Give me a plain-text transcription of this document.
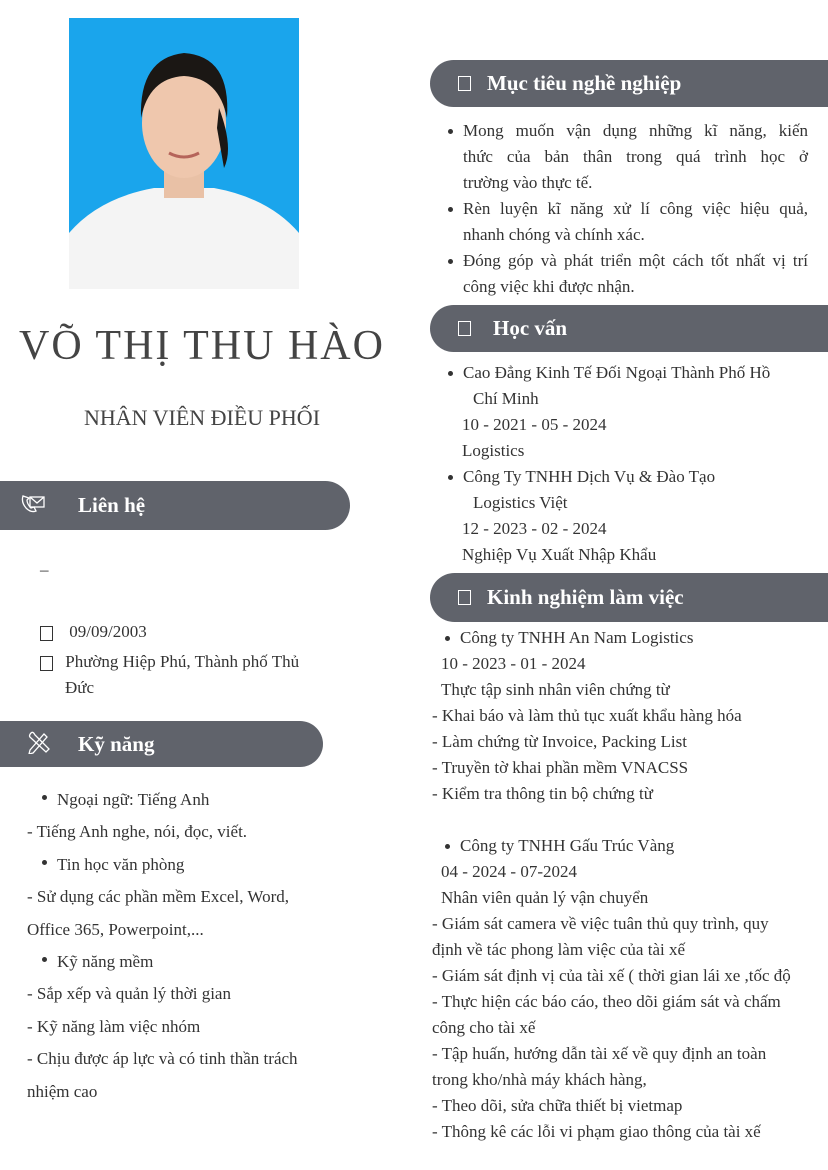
VÕ THỊ THU HÀO
NHÂN VIÊN ĐIỀU PHỐI
Liên hệ
–
09/09/2003
Phường Hiệp Phú, Thành phố Thủ
Đức
Kỹ năng
Ngoại ngữ: Tiếng Anh
- Tiếng Anh nghe, nói, đọc, viết.
Tin học văn phòng
- Sử dụng các phần mềm Excel, Word,
Office 365, Powerpoint,...
Kỹ năng mềm
- Sắp xếp và quản lý thời gian
- Kỹ năng làm việc nhóm
- Chịu được áp lực và có tinh thần trách
nhiệm cao
Mục tiêu nghề nghiệp
Mong muốn vận dụng những kĩ năng, kiến
thức của bản thân trong quá trình học ở
trường vào thực tế.
Rèn luyện kĩ năng xử lí công việc hiệu quả,
nhanh chóng và chính xác.
Đóng góp và phát triển một cách tốt nhất vị trí
công việc khi được nhận.
Học vấn
Cao Đẳng Kinh Tế Đối Ngoại Thành Phố Hồ
Chí Minh
10 - 2021 - 05 - 2024
Logistics
Công Ty TNHH Dịch Vụ & Đào Tạo
Logistics Việt
12 - 2023 - 02 - 2024
Nghiệp Vụ Xuất Nhập Khẩu
Kinh nghiệm làm việc
Công ty TNHH An Nam Logistics
10 - 2023 - 01 - 2024
Thực tập sinh nhân viên chứng từ
- Khai báo và làm thủ tục xuất khẩu hàng hóa
- Làm chứng từ Invoice, Packing List
- Truyền tờ khai phần mềm VNACSS
- Kiểm tra thông tin bộ chứng từ
Công ty TNHH Gấu Trúc Vàng
04 - 2024 - 07-2024
Nhân viên quản lý vận chuyển
- Giám sát camera về việc tuân thủ quy trình, quy
định về tác phong làm việc của tài xế
- Giám sát định vị của tài xế ( thời gian lái xe ,tốc độ
- Thực hiện các báo cáo, theo dõi giám sát và chấm
công cho tài xế
- Tập huấn, hướng dẫn tài xế về quy định an toàn
trong kho/nhà máy khách hàng,
- Theo dõi, sửa chữa thiết bị vietmap
- Thông kê các lỗi vi phạm giao thông của tài xế
